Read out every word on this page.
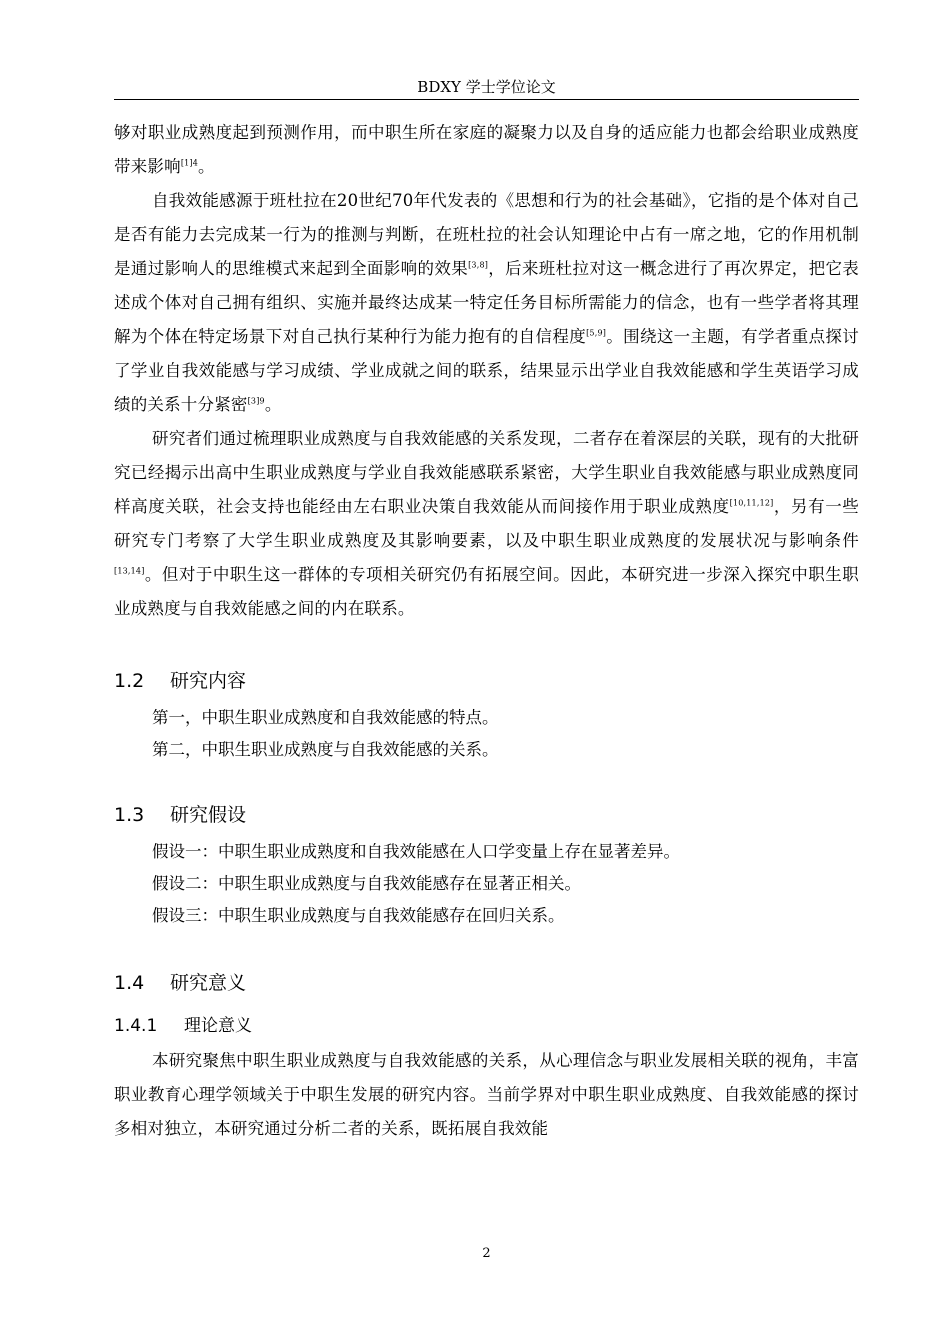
BDXY 学士学位论文

够对职业成熟度起到预测作用，而中职生所在家庭的凝聚力以及自身的适应能力也都会给职业成熟度带来影响$^{[1]4}$。

自我效能感源于班杜拉在20世纪70年代发表的《思想和行为的社会基础》，它指的是个体对自己是否有能力去完成某一行为的推测与判断，在班杜拉的社会认知理论中占有一席之地，它的作用机制是通过影响人的思维模式来起到全面影响的效果[3,8]，后来班杜拉对这一概念进行了再次界定，把它表述成个体对自己拥有组织、实施并最终达成某一特定任务目标所需能力的信念，也有一些学者将其理解为个体在特定场景下对自己执行某种行为能力抱有的自信程度[5,9]。围绕这一主题，有学者重点探讨了学业自我效能感与学习成绩、学业成就之间的联系，结果显示出学业自我效能感和学生英语学习成绩的关系十分紧密$^{[3]9}$。

研究者们通过梳理职业成熟度与自我效能感的关系发现，二者存在着深层的关联，现有的大批研究已经揭示出高中生职业成熟度与学业自我效能感联系紧密，大学生职业自我效能感与职业成熟度同样高度关联，社会支持也能经由左右职业决策自我效能从而间接作用于职业成熟度[10,11,12]，另有一些研究专门考察了大学生职业成熟度及其影响要素，以及中职生职业成熟度的发展状况与影响条件[13,14]。但对于中职生这一群体的专项相关研究仍有拓展空间。因此，本研究进一步深入探究中职生职业成熟度与自我效能感之间的内在联系。

1.2 研究内容

第一，中职生职业成熟度和自我效能感的特点。

第二，中职生职业成熟度与自我效能感的关系。

1.3 研究假设

假设一：中职生职业成熟度和自我效能感在人口学变量上存在显著差异。

假设二：中职生职业成熟度与自我效能感存在显著正相关。

假设三：中职生职业成熟度与自我效能感存在回归关系。

1.4 研究意义
1.4.1 理论意义

本研究聚焦中职生职业成熟度与自我效能感的关系，从心理信念与职业发展相关联的视角，丰富职业教育心理学领域关于中职生发展的研究内容。当前学界对中职生职业成熟度、自我效能感的探讨多相对独立，本研究通过分析二者的关系，既拓展自我效能

2
